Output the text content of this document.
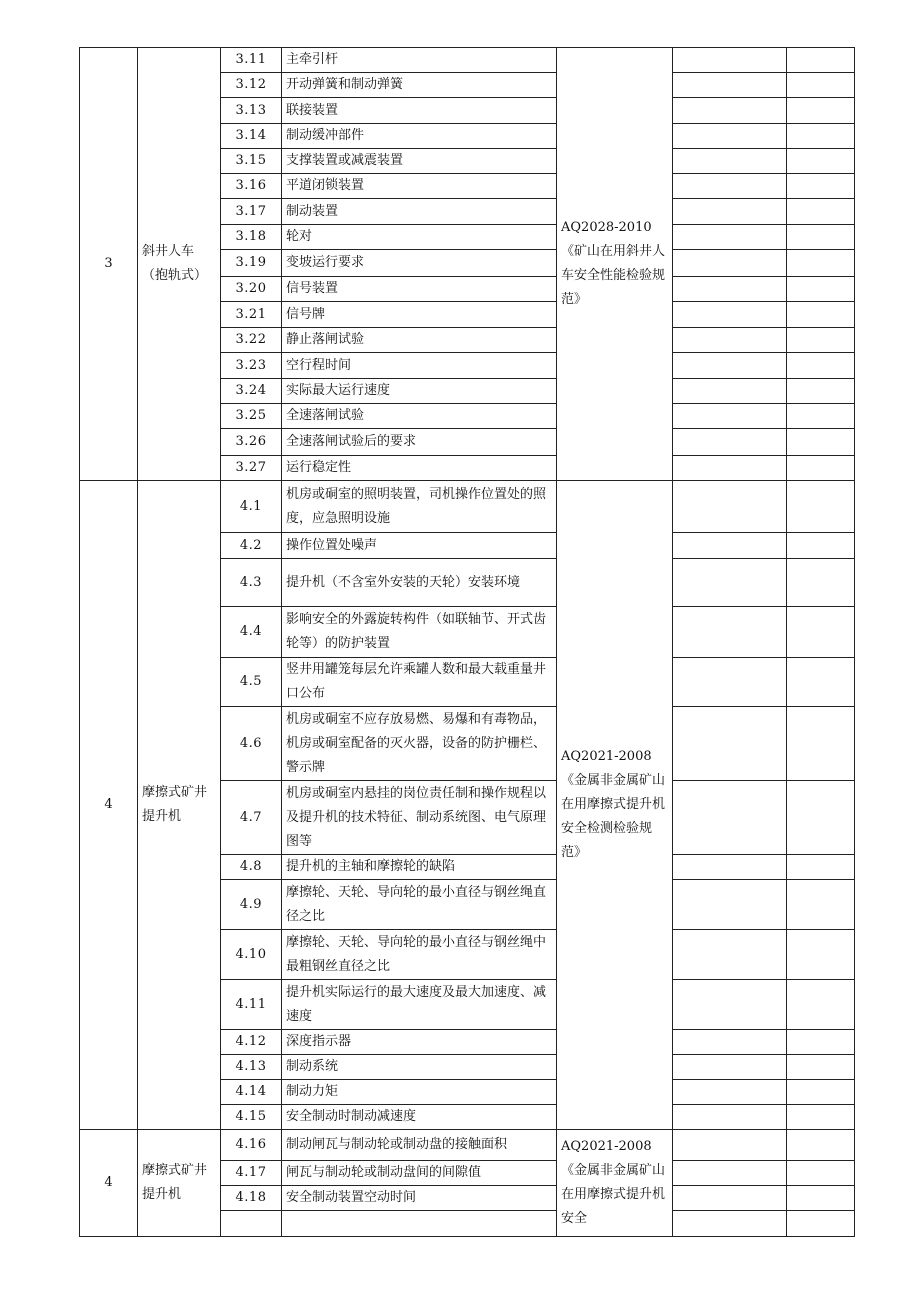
3	斜井人车（抱轨式）	3.11	主牵引杆	AQ2028-2010《矿山在用斜井人车安全性能检验规范》		
		3.12	开动弹簧和制动弹簧			
		3.13	联接装置			
		3.14	制动缓冲部件			
		3.15	支撑装置或减震装置			
		3.16	平道闭锁装置			
		3.17	制动装置			
		3.18	轮对			
		3.19	变坡运行要求			
		3.20	信号装置			
		3.21	信号牌			
		3.22	静止落闸试验			
		3.23	空行程时间			
		3.24	实际最大运行速度			
		3.25	全速落闸试验			
		3.26	全速落闸试验后的要求			
		3.27	运行稳定性			
4	摩擦式矿井提升机	4.1	机房或硐室的照明装置，司机操作位置处的照度，应急照明设施	AQ2021-2008《金属非金属矿山在用摩擦式提升机安全检测检验规范》		
		4.2	操作位置处噪声			
		4.3	提升机（不含室外安装的天轮）安装环境			
		4.4	影响安全的外露旋转构件（如联轴节、开式齿轮等）的防护装置			
		4.5	竖井用罐笼每层允许乘罐人数和最大载重量井口公布			
		4.6	机房或硐室不应存放易燃、易爆和有毒物品，机房或硐室配备的灭火器，设备的防护栅栏、警示牌			
		4.7	机房或硐室内悬挂的岗位责任制和操作规程以及提升机的技术特征、制动系统图、电气原理图等			
		4.8	提升机的主轴和摩擦轮的缺陷			
		4.9	摩擦轮、天轮、导向轮的最小直径与钢丝绳直径之比			
		4.10	摩擦轮、天轮、导向轮的最小直径与钢丝绳中最粗钢丝直径之比			
		4.11	提升机实际运行的最大速度及最大加速度、减速度			
		4.12	深度指示器			
		4.13	制动系统			
		4.14	制动力矩			
		4.15	安全制动时制动减速度			
4	摩擦式矿井提升机	4.16	制动闸瓦与制动轮或制动盘的接触面积	AQ2021-2008《金属非金属矿山在用摩擦式提升机安全		
		4.17	闸瓦与制动轮或制动盘间的间隙值			
		4.18	安全制动装置空动时间			
